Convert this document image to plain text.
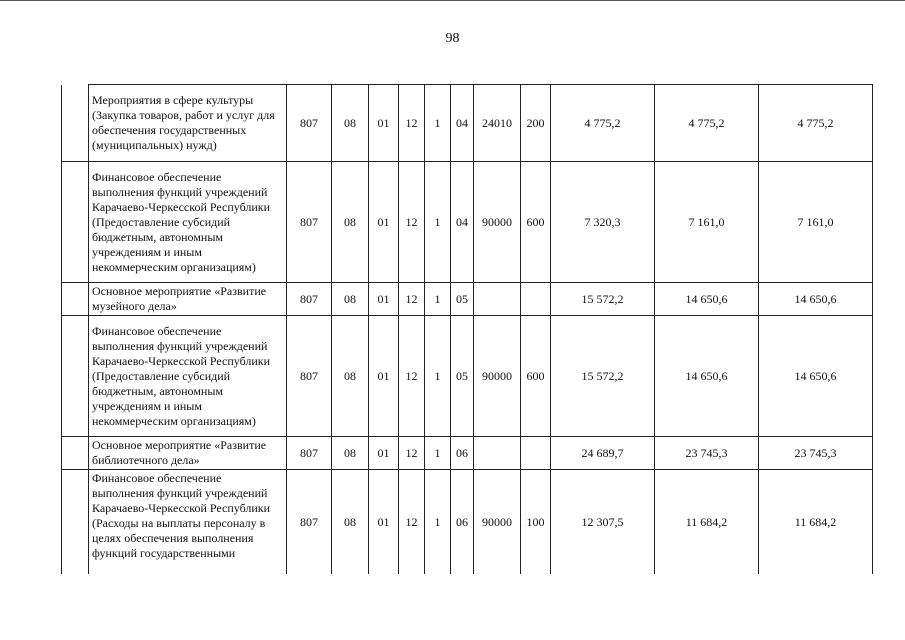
98
	Мероприятия в сфере культуры (Закупка товаров, работ и услуг для обеспечения государственных (муниципальных) нужд)	807	08	01	12	1	04	24010	200	4 775,2	4 775,2	4 775,2
	Финансовое обеспечение выполнения функций учреждений Карачаево-Черкесской Республики (Предоставление субсидий бюджетным, автономным учреждениям и иным некоммерческим организациям)	807	08	01	12	1	04	90000	600	7 320,3	7 161,0	7 161,0
	Основное мероприятие «Развитие музейного дела»	807	08	01	12	1	05			15 572,2	14 650,6	14 650,6
	Финансовое обеспечение выполнения функций учреждений Карачаево-Черкесской Республики (Предоставление субсидий бюджетным, автономным учреждениям и иным некоммерческим организациям)	807	08	01	12	1	05	90000	600	15 572,2	14 650,6	14 650,6
	Основное мероприятие «Развитие библиотечного дела»	807	08	01	12	1	06			24 689,7	23 745,3	23 745,3
	Финансовое обеспечение выполнения функций учреждений Карачаево-Черкесской Республики (Расходы на выплаты персоналу в целях обеспечения выполнения функций государственными	807	08	01	12	1	06	90000	100	12 307,5	11 684,2	11 684,2
